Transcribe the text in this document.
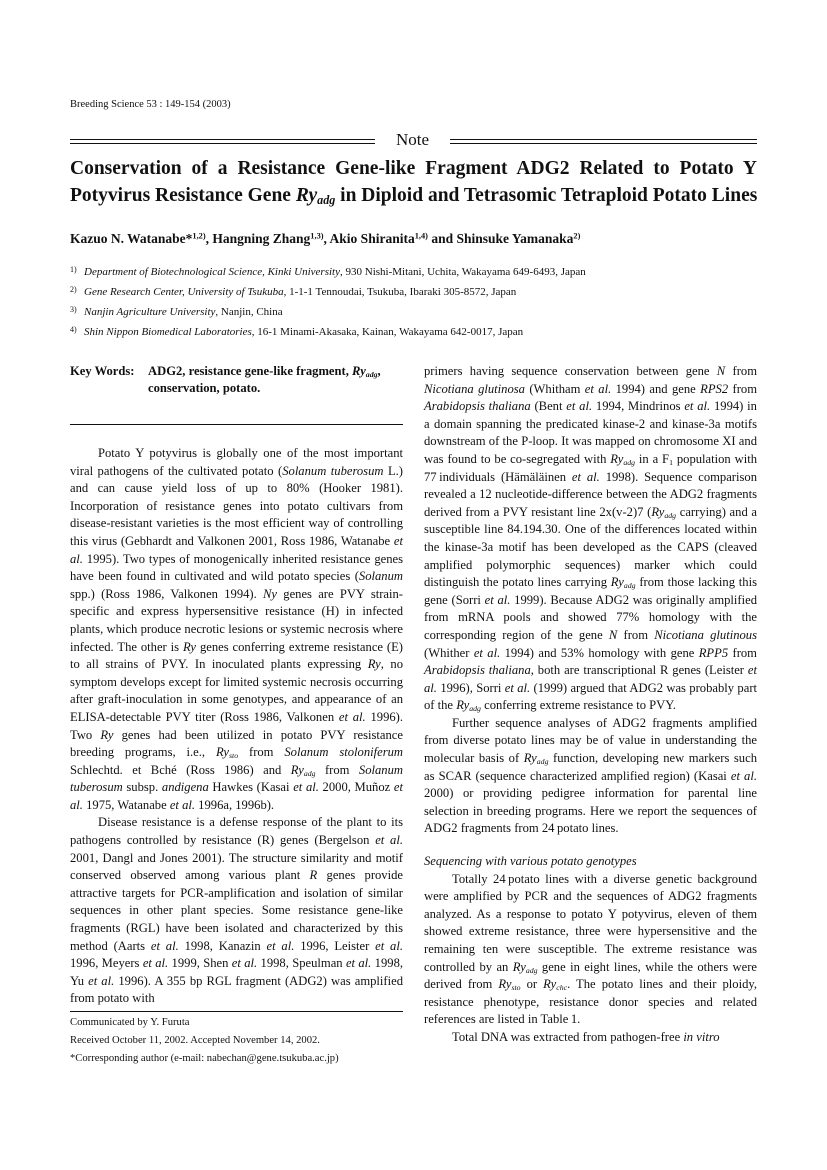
Breeding Science 53 : 149-154 (2003)
Note
Conservation of a Resistance Gene-like Fragment ADG2 Related to Potato Y
Potyvirus Resistance Gene $Ry_{adg}$ in Diploid and Tetrasomic Tetraploid Potato Lines
Kazuo N. Watanabe*$^{1,2)}$, Hangning Zhang$^{1,3)}$, Akio Shiranita$^{1,4)}$ and Shinsuke Yamanaka$^{2)}$
1) Department of Biotechnological Science, Kinki University, 930 Nishi-Mitani, Uchita, Wakayama 649-6493, Japan
2) Gene Research Center, University of Tsukuba, 1-1-1 Tennoudai, Tsukuba, Ibaraki 305-8572, Japan
3) Nanjin Agriculture University, Nanjin, China
4) Shin Nippon Biomedical Laboratories, 16-1 Minami-Akasaka, Kainan, Wakayama 642-0017, Japan
Key Words:	ADG2, resistance gene-like fragment, $Ry_{adg}$, conservation, potato.

Potato Y potyvirus is globally one of the most important viral pathogens of the cultivated potato (Solanum tuberosum L.) and can cause yield loss of up to 80% (Hooker 1981). Incorporation of resistance genes into potato cultivars from disease-resistant varieties is the most efficient way of controlling this virus (Gebhardt and Valkonen 2001, Ross 1986, Watanabe et al. 1995). Two types of monogenically inherited resistance genes have been found in cultivated and wild potato species (Solanum spp.) (Ross 1986, Valkonen 1994). Ny genes are PVY strain-specific and express hypersensitive resistance (H) in infected plants, which produce necrotic lesions or systemic necrosis where infected. The other is Ry genes conferring extreme resistance (E) to all strains of PVY. In inoculated plants expressing Ry, no symptom develops except for limited systemic necrosis occurring after graft-inoculation in some genotypes, and appearance of an ELISA-detectable PVY titer (Ross 1986, Valkonen et al. 1996). Two Ry genes had been utilized in potato PVY resistance breeding programs, i.e., $Ry_{sto}$ from Solanum stoloniferum Schlechtd. et Bché (Ross 1986) and $Ry_{adg}$ from Solanum tuberosum subsp. andigena Hawkes (Kasai et al. 2000, Muñoz et al. 1975, Watanabe et al. 1996a, 1996b).

Disease resistance is a defense response of the plant to its pathogens controlled by resistance (R) genes (Bergelson et al. 2001, Dangl and Jones 2001). The structure similarity and motif conserved observed among various plant R genes provide attractive targets for PCR-amplification and isolation of similar sequences in other plant species. Some resistance gene-like fragments (RGL) have been isolated and characterized by this method (Aarts et al. 1998, Kanazin et al. 1996, Leister et al. 1996, Meyers et al. 1999, Shen et al. 1998, Speulman et al. 1998, Yu et al. 1996). A 355 bp RGL fragment (ADG2) was amplified from potato with

Communicated by Y. Furuta
Received October 11, 2002. Accepted November 14, 2002.
*Corresponding author (e-mail: nabechan@gene.tsukuba.ac.jp)

primers having sequence conservation between gene N from Nicotiana glutinosa (Whitham et al. 1994) and gene RPS2 from Arabidopsis thaliana (Bent et al. 1994, Mindrinos et al. 1994) in a domain spanning the predicated kinase-2 and kinase-3a motifs downstream of the P-loop. It was mapped on chromosome XI and was found to be co-segregated with $Ry_{adg}$ in a $F_1$ population with 77 individuals (Hämäläinen et al. 1998). Sequence comparison revealed a 12 nucleotide-difference between the ADG2 fragments derived from a PVY resistant line 2x(v-2)7 ($Ry_{adg}$ carrying) and a susceptible line 84.194.30. One of the differences located within the kinase-3a motif has been developed as the CAPS (cleaved amplified polymorphic sequences) marker which could distinguish the potato lines carrying $Ry_{adg}$ from those lacking this gene (Sorri et al. 1999). Because ADG2 was originally amplified from mRNA pools and showed 77% homology with the corresponding region of the gene N from Nicotiana glutinous (Whither et al. 1994) and 53% homology with gene RPP5 from Arabidopsis thaliana, both are transcriptional R genes (Leister et al. 1996), Sorri et al. (1999) argued that ADG2 was probably part of the $Ry_{adg}$ conferring extreme resistance to PVY.

Further sequence analyses of ADG2 fragments amplified from diverse potato lines may be of value in understanding the molecular basis of $Ry_{adg}$ function, developing new markers such as SCAR (sequence characterized amplified region) (Kasai et al. 2000) or providing pedigree information for parental line selection in breeding programs. Here we report the sequences of ADG2 fragments from 24 potato lines.

Sequencing with various potato genotypes

Totally 24 potato lines with a diverse genetic background were amplified by PCR and the sequences of ADG2 fragments analyzed. As a response to potato Y potyvirus, eleven of them showed extreme resistance, three were hypersensitive and the remaining ten were susceptible. The extreme resistance was controlled by an $Ry_{adg}$ gene in eight lines, while the others were derived from $Ry_{sto}$ or $Ry_{chc}$. The potato lines and their ploidy, resistance phenotype, resistance donor species and related references are listed in Table 1.

Total DNA was extracted from pathogen-free in vitro
